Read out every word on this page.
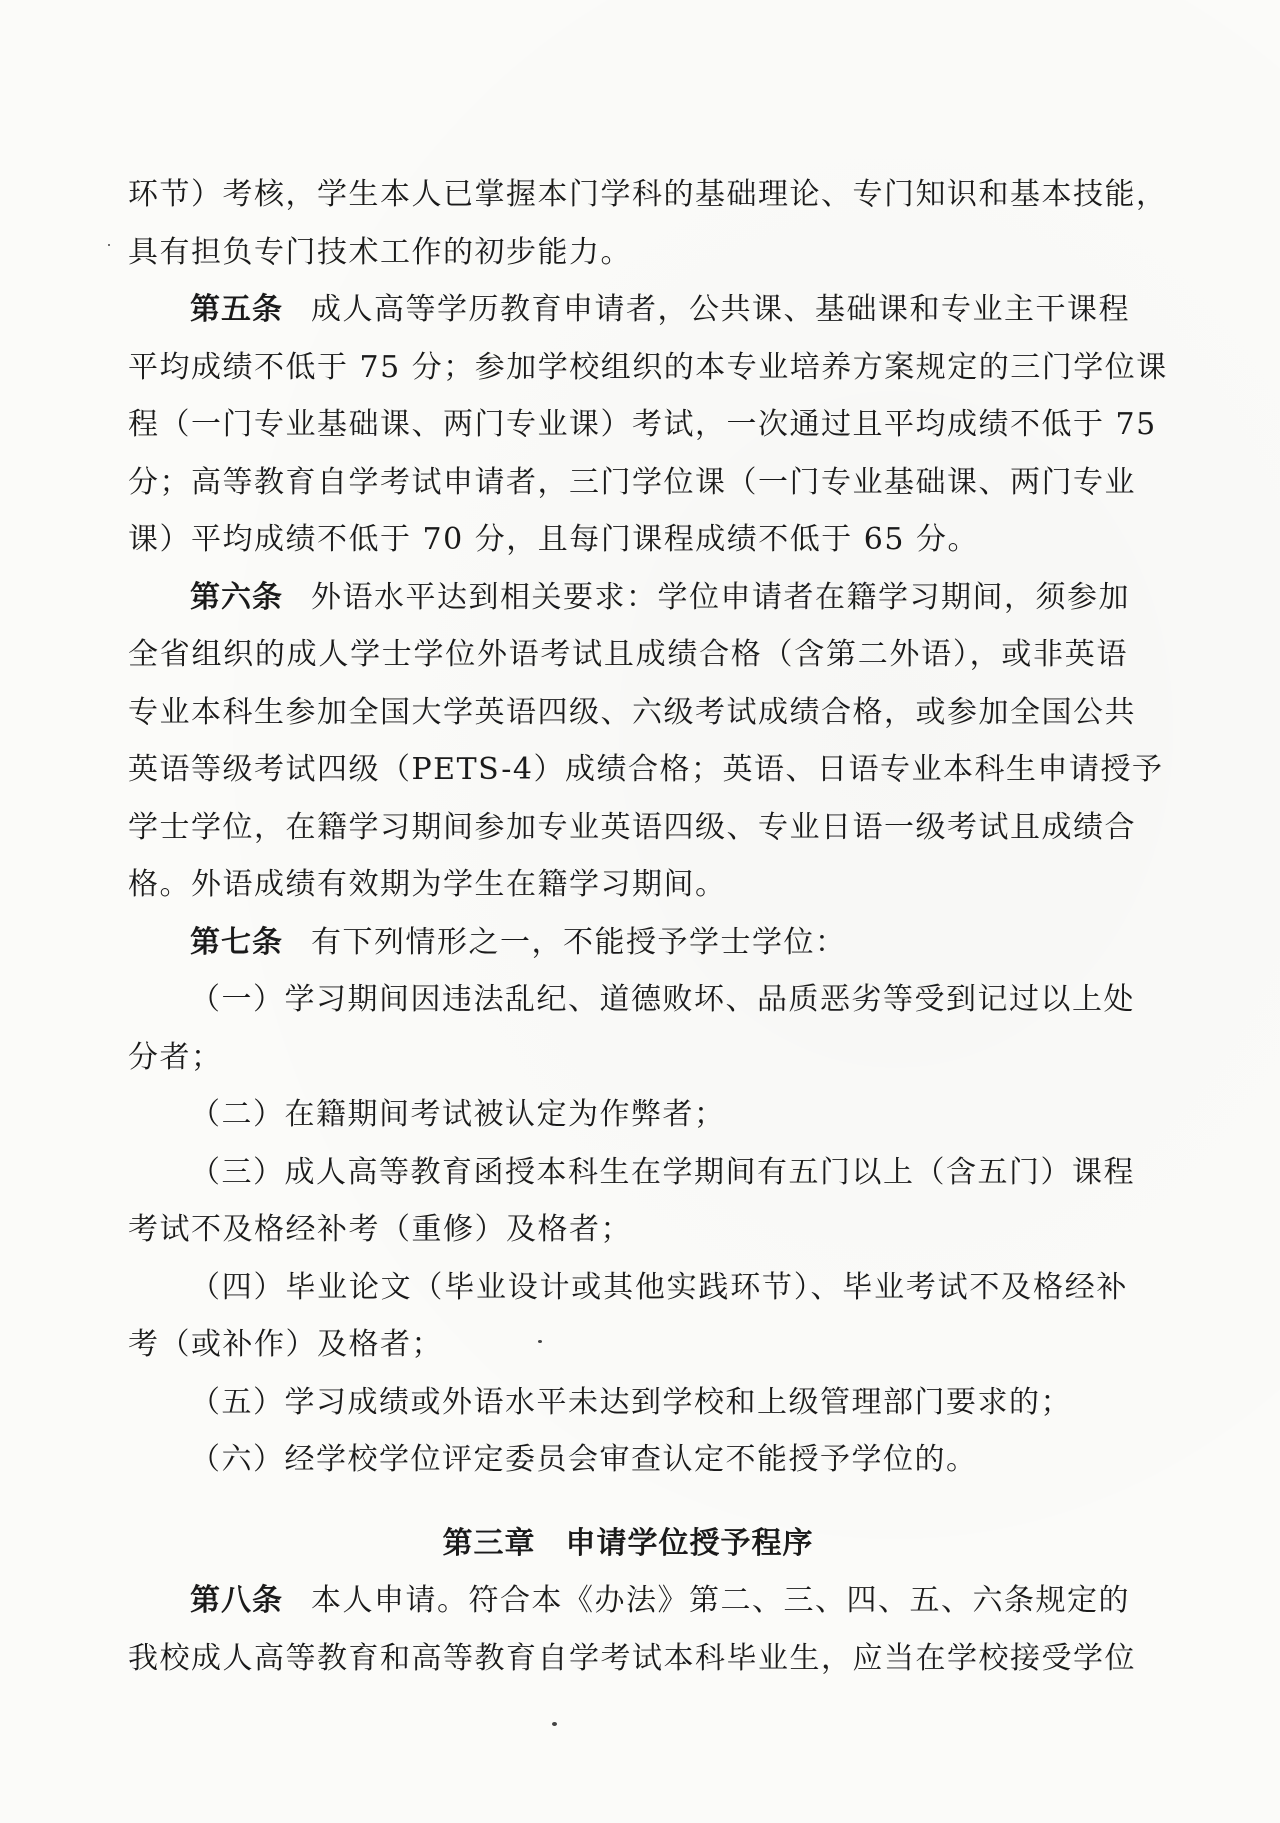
环节）考核，学生本人已掌握本门学科的基础理论、专门知识和基本技能，
具有担负专门技术工作的初步能力。
第五条 成人高等学历教育申请者，公共课、基础课和专业主干课程
平均成绩不低于 75 分；参加学校组织的本专业培养方案规定的三门学位课
程（一门专业基础课、两门专业课）考试，一次通过且平均成绩不低于 75
分；高等教育自学考试申请者，三门学位课（一门专业基础课、两门专业
课）平均成绩不低于 70 分，且每门课程成绩不低于 65 分。
第六条 外语水平达到相关要求：学位申请者在籍学习期间，须参加
全省组织的成人学士学位外语考试且成绩合格（含第二外语），或非英语
专业本科生参加全国大学英语四级、六级考试成绩合格，或参加全国公共
英语等级考试四级（PETS-4）成绩合格；英语、日语专业本科生申请授予
学士学位，在籍学习期间参加专业英语四级、专业日语一级考试且成绩合
格。外语成绩有效期为学生在籍学习期间。
第七条 有下列情形之一，不能授予学士学位：
（一）学习期间因违法乱纪、道德败坏、品质恶劣等受到记过以上处
分者；
（二）在籍期间考试被认定为作弊者；
（三）成人高等教育函授本科生在学期间有五门以上（含五门）课程
考试不及格经补考（重修）及格者；
（四）毕业论文（毕业设计或其他实践环节）、毕业考试不及格经补
考（或补作）及格者；
（五）学习成绩或外语水平未达到学校和上级管理部门要求的；
（六）经学校学位评定委员会审查认定不能授予学位的。
第三章 申请学位授予程序
第八条 本人申请。符合本《办法》第二、三、四、五、六条规定的
我校成人高等教育和高等教育自学考试本科毕业生，应当在学校接受学位
